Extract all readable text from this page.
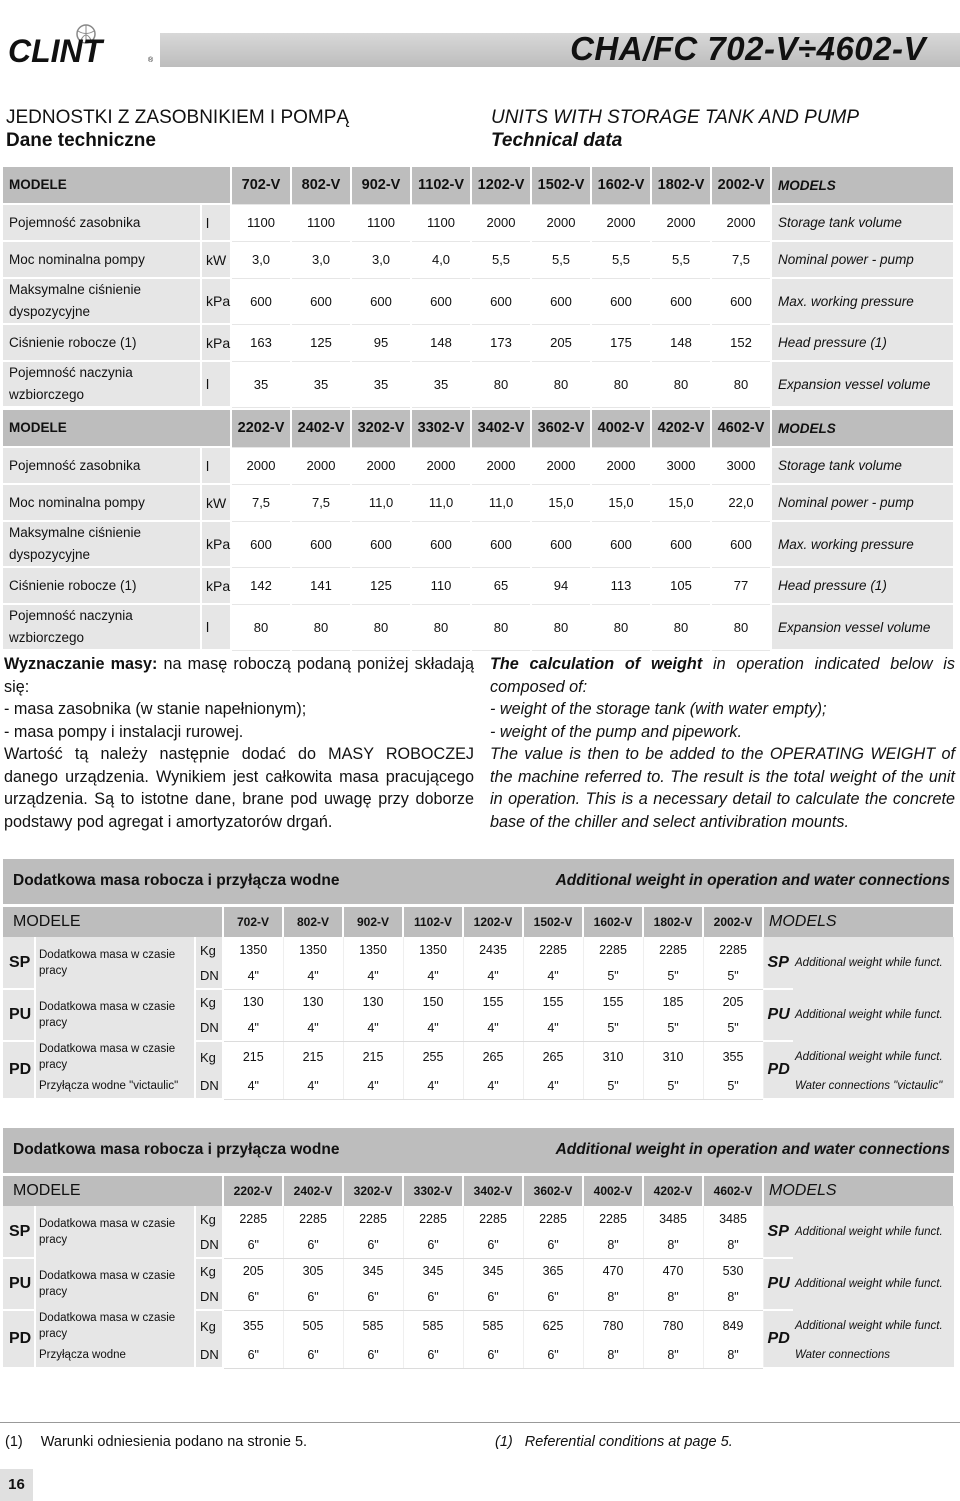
CLINT	®	CHA/FC 702-V÷4602-V
JEDNOSTKI Z ZASOBNIKIEM I POMPĄ
Dane techniczne
UNITS WITH STORAGE TANK AND PUMP
Technical data
MODELE		702-V	802-V	902-V	1102-V	1202-V	1502-V	1602-V	1802-V	2002-V	MODELS
Pojemność zasobnika	l	1100	1100	1100	1100	2000	2000	2000	2000	2000	Storage tank volume
Moc nominalna pompy	kW	3,0	3,0	3,0	4,0	5,5	5,5	5,5	5,5	7,5	Nominal power - pump
Maksymalne ciśnienie dyspozycyjne	kPa	600	600	600	600	600	600	600	600	600	Max. working pressure
Ciśnienie robocze (1)	kPa	163	125	95	148	173	205	175	148	152	Head pressure (1)
Pojemność naczynia wzbiorczego	l	35	35	35	35	80	80	80	80	80	Expansion vessel volume
MODELE		2202-V	2402-V	3202-V	3302-V	3402-V	3602-V	4002-V	4202-V	4602-V	MODELS
Pojemność zasobnika	l	2000	2000	2000	2000	2000	2000	2000	3000	3000	Storage tank volume
Moc nominalna pompy	kW	7,5	7,5	11,0	11,0	11,0	15,0	15,0	15,0	22,0	Nominal power - pump
Maksymalne ciśnienie dyspozycyjne	kPa	600	600	600	600	600	600	600	600	600	Max. working pressure
Ciśnienie robocze (1)	kPa	142	141	125	110	65	94	113	105	77	Head pressure (1)
Pojemność naczynia wzbiorczego	l	80	80	80	80	80	80	80	80	80	Expansion vessel volume
Wyznaczanie masy: na masę roboczą podaną poniżej składają się:
- masa zasobnika (w stanie napełnionym);
- masa pompy i instalacji rurowej.
Wartość tą należy następnie dodać do MASY ROBOCZEJ danego urządzenia. Wynikiem jest całkowita masa pracującego urządzenia. Są to istotne dane, brane pod uwagę przy doborze podstawy pod agregat i amortyzatorów drgań.
The calculation of weight in operation indicated below is composed of:
- weight of the storage tank (with water empty);
- weight of the pump and pipework.
The value is then to be added to the OPERATING WEIGHT of the machine referred to. The result is the total weight of the unit in operation. This is a necessary detail to calculate the concrete base of the chiller and select antivibration mounts.
Dodatkowa masa robocza i przyłącza wodne	Additional weight in operation and water connections
MODELE			702-V	802-V	902-V	1102-V	1202-V	1502-V	1602-V	1802-V	2002-V	MODELS	
SP	Dodatkowa masa w czasie pracy	Kg	1350	1350	1350	1350	2435	2285	2285	2285	2285	SP	Additional weight while funct.
		DN	4"	4"	4"	4"	4"	4"	5"	5"	5"		
PU	Dodatkowa masa w czasie pracy	Kg	130	130	130	150	155	155	155	185	205	PU	Additional weight while funct.
		DN	4"	4"	4"	4"	4"	4"	5"	5"	5"		
PD	Dodatkowa masa w czasie pracy	Kg	215	215	215	255	265	265	310	310	355	PD	Additional weight while funct.
	Przyłącza wodne "victaulic"	DN	4"	4"	4"	4"	4"	4"	5"	5"	5"		Water connections "victaulic"
Dodatkowa masa robocza i przyłącza wodne	Additional weight in operation and water connections
MODELE			2202-V	2402-V	3202-V	3302-V	3402-V	3602-V	4002-V	4202-V	4602-V	MODELS	
SP	Dodatkowa masa w czasie pracy	Kg	2285	2285	2285	2285	2285	2285	2285	3485	3485	SP	Additional weight while funct.
		DN	6"	6"	6"	6"	6"	6"	8"	8"	8"		
PU	Dodatkowa masa w czasie pracy	Kg	205	305	345	345	345	365	470	470	530	PU	Additional weight while funct.
		DN	6"	6"	6"	6"	6"	6"	8"	8"	8"		
PD	Dodatkowa masa w czasie pracy	Kg	355	505	585	585	585	625	780	780	849	PD	Additional weight while funct.
	Przyłącza wodne	DN	6"	6"	6"	6"	6"	6"	8"	8"	8"		Water connections
(1) Warunki odniesienia podano na stronie 5.	(1) Referential conditions at page 5.
16
